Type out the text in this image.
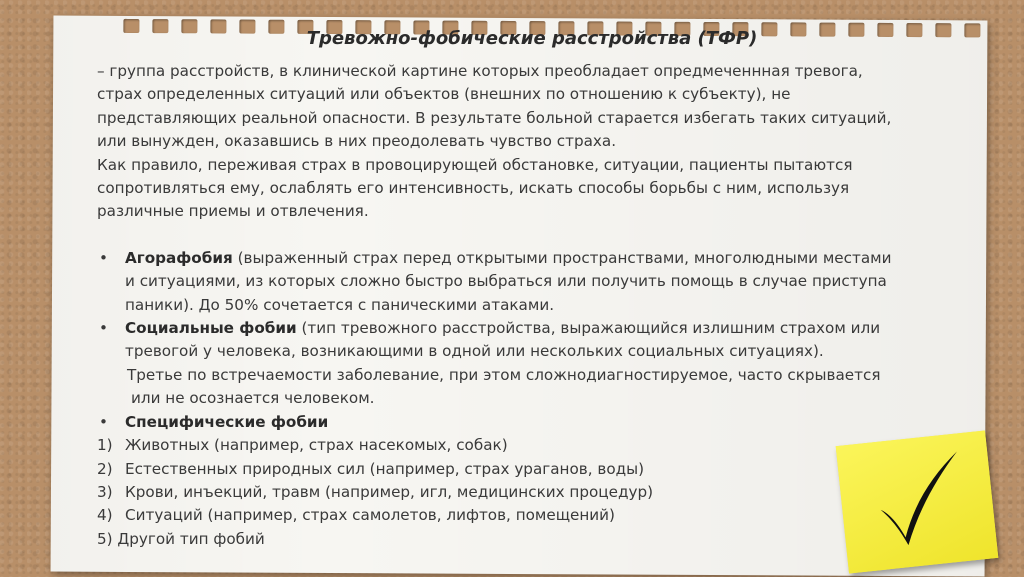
Тревожно-фобические расстройства (ТФР)

– группа расстройств, в клинической картине которых преобладает опредмеченнная тревога,

страх определенных ситуаций или объектов (внешних по отношению к субъекту), не

представляющих реальной опасности. В результате больной старается избегать таких ситуаций,

или вынужден, оказавшись в них преодолевать чувство страха.

Как правило, переживая страх в провоцирующей обстановке, ситуации, пациенты пытаются

сопротивляться ему, ослаблять его интенсивность, искать способы борьбы с ним, используя

различные приемы и отвлечения.

• Агорафобия (выраженный страх перед открытыми пространствами, многолюдными местами

и ситуациями, из которых сложно быстро выбраться или получить помощь в случае приступа

паники). До 50% сочетается с паническими атаками.

• Социальные фобии (тип тревожного расстройства, выражающийся излишним страхом или

тревогой у человека, возникающими в одной или нескольких социальных ситуациях).

Третье по встречаемости заболевание, при этом сложнодиагностируемое, часто скрывается

или не осознается человеком.

• Специфические фобии

1) Животных (например, страх насекомых, собак)

2) Естественных природных сил (например, страх ураганов, воды)

3) Крови, инъекций, травм (например, игл, медицинских процедур)

4) Ситуаций (например, страх самолетов, лифтов, помещений)

5) Другой тип фобий
